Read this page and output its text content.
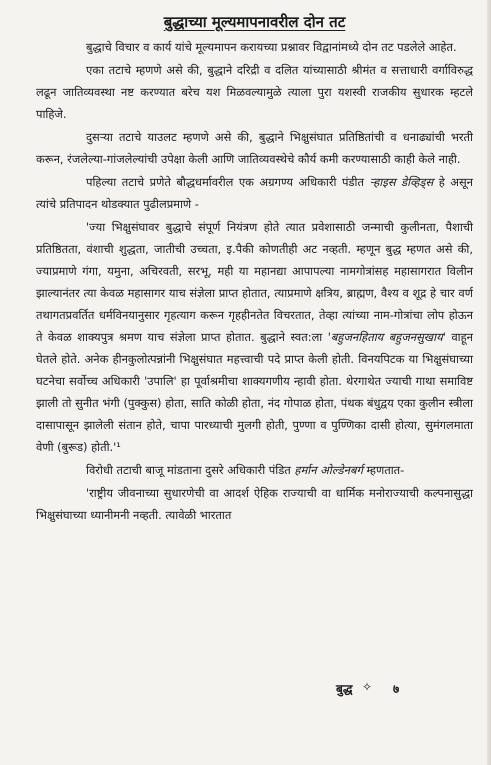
बुद्धाच्या मूल्यमापनावरील दोन तट

बुद्धाचे विचार व कार्य यांचे मूल्यमापन करायच्या प्रश्नावर विद्वानांमध्ये दोन तट पडलेले आहेत.

एका तटाचे म्हणणे असे की, बुद्धाने दरिद्री व दलित यांच्यासाठी श्रीमंत व सत्ताधारी वर्गाविरुद्ध लढून जातिव्यवस्था नष्ट करण्यात बरेच यश मिळवल्यामुळे त्याला पुरा यशस्वी राजकीय सुधारक म्हटले पाहिजे.

दुसऱ्या तटाचे याउलट म्हणणे असे की, बुद्धाने भिक्षुसंघात प्रतिष्ठितांची व धनाढ्यांची भरती करून, रंजलेल्या-गांजलेल्यांची उपेक्षा केली आणि जातिव्यवस्थेचे कौर्य कमी करण्यासाठी काही केले नाही.

पहिल्या तटाचे प्रणेते बौद्धधर्मावरील एक अग्रगण्य अधिकारी पंडीत ऱ्हाइस डेव्हिड्स हे असून त्यांचे प्रतिपादन थोडक्यात पुढीलप्रमाणे -

'ज्या भिक्षुसंघावर बुद्धाचे संपूर्ण नियंत्रण होते त्यात प्रवेशासाठी जन्माची कुलीनता, पैशाची प्रतिष्ठितता, वंशाची शुद्धता, जातीची उच्चता, इ.पैकी कोणतीही अट नव्हती. म्हणून बुद्ध म्हणत असे की, ज्याप्रमाणे गंगा, यमुना, अचिरवती, सरभू, मही या महानद्या आपापल्या नामगोत्रांसह महासागरात विलीन झाल्यानंतर त्या केवळ महासागर याच संज्ञेला प्राप्त होतात, त्याप्रमाणे क्षत्रिय, ब्राह्मण, वैश्य व शूद्र हे चार वर्ण तथागतप्रवर्तित धर्मविनयानुसार गृहत्याग करून गृहहीनतेत विचरतात, तेव्हा त्यांच्या नाम-गोत्रांचा लोप होऊन ते केवळ शाक्यपुत्र श्रमण याच संज्ञेला प्राप्त होतात. बुद्धाने स्वत:ला 'बहुजनहिताय बहुजनसुखाय' वाहून घेतले होते. अनेक हीनकुलोत्पन्नांनी भिक्षुसंघात महत्त्वाची पदे प्राप्त केली होती. विनयपिटक या भिक्षुसंघाच्या घटनेचा सर्वोच्च अधिकारी 'उपालि' हा पूर्वाश्रमीचा शाक्यगणीय न्हावी होता. थेरगाथेत ज्याची गाथा समाविष्ट झाली तो सुनीत भंगी (पुक्कुस) होता, साति कोळी होता, नंद गोपाळ होता, पंथक बंधुद्वय एका कुलीन स्त्रीला दासापासून झालेली संतान होते, चापा पारध्याची मुलगी होती, पुण्णा व पुण्णिका दासी होत्या, सुमंगलमाता वेणी (बुरूड) होती.'¹

विरोधी तटाची बाजू मांडताना दुसरे अधिकारी पंडित हर्मान ओल्डेनबर्ग म्हणतात-

'राष्ट्रीय जीवनाच्या सुधारणेची वा आदर्श ऐहिक राज्याची वा धार्मिक मनोराज्याची कल्पनासुद्धा भिक्षुसंघाच्या ध्यानीमनी नव्हती. त्यावेळी भारतात

बुद्ध ✧ ७
